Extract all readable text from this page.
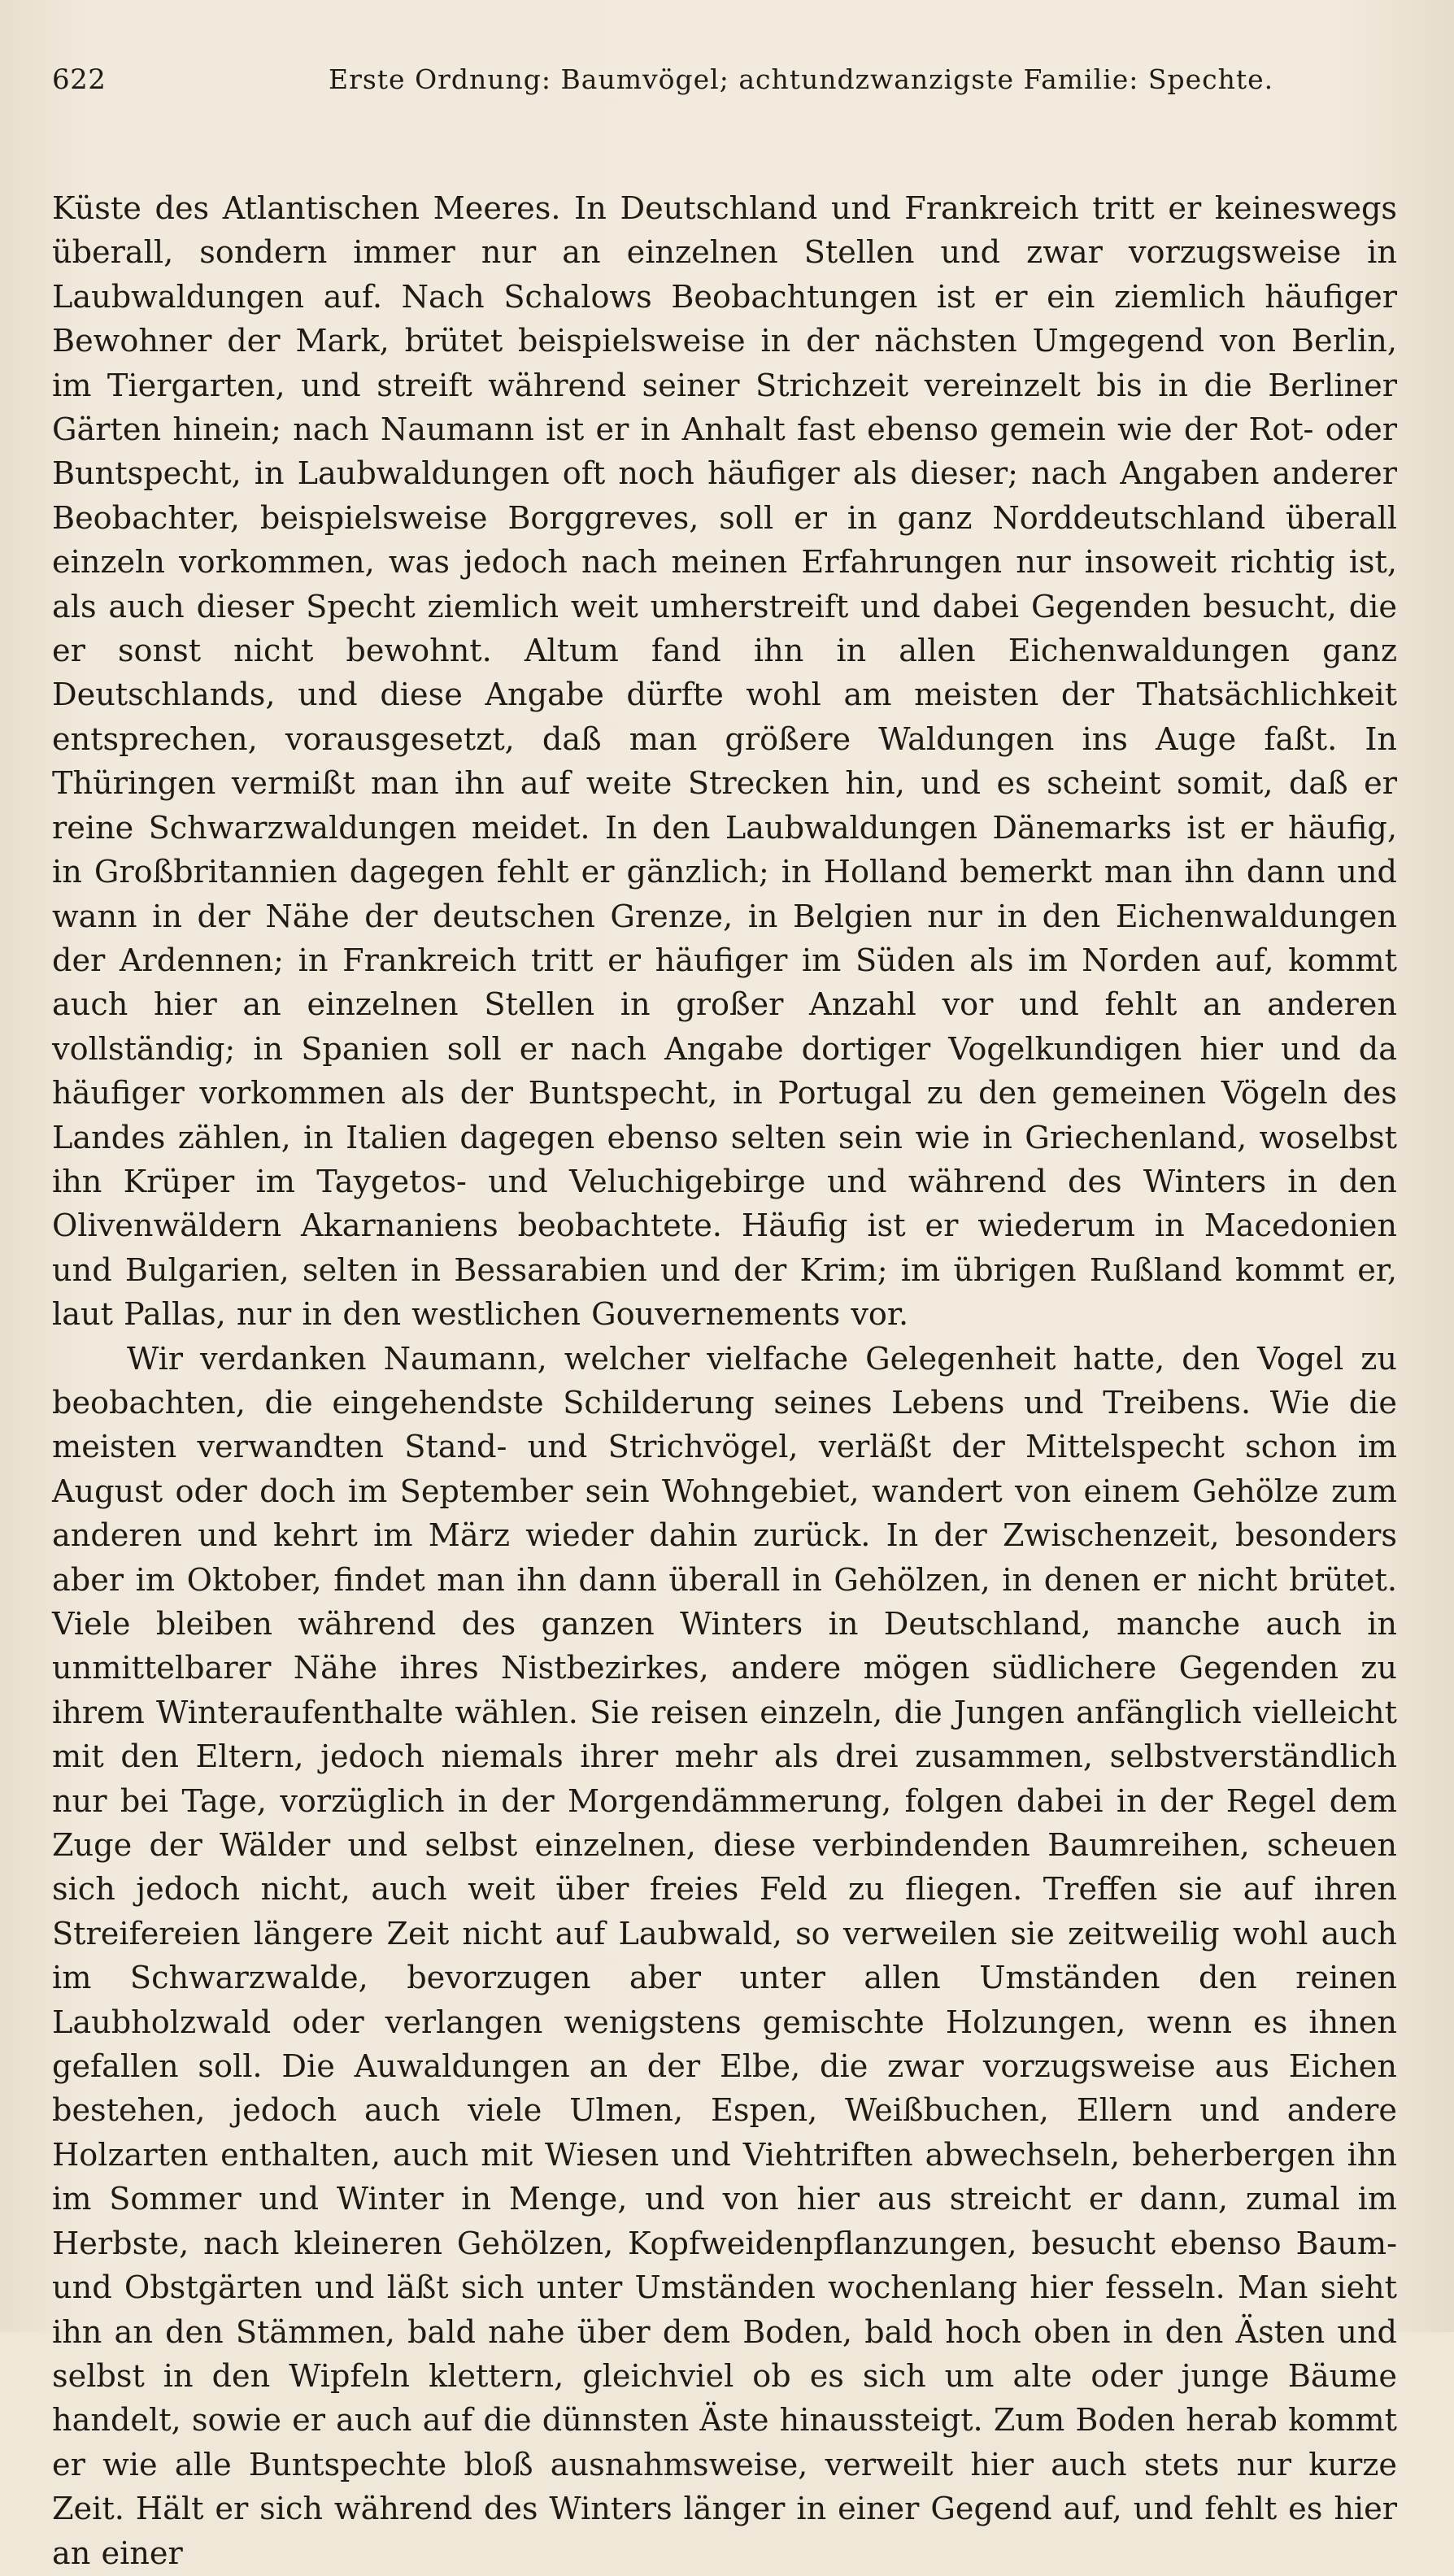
622	Erste Ordnung: Baumvögel; achtundzwanzigste Familie: Spechte.

Küste des Atlantischen Meeres. In Deutschland und Frankreich tritt er keineswegs überall, sondern immer nur an einzelnen Stellen und zwar vorzugsweise in Laubwaldungen auf. Nach Schalows Beobachtungen ist er ein ziemlich häufiger Bewohner der Mark, brütet beispielsweise in der nächsten Umgegend von Berlin, im Tiergarten, und streift während seiner Strichzeit vereinzelt bis in die Berliner Gärten hinein; nach Naumann ist er in Anhalt fast ebenso gemein wie der Rot- oder Buntspecht, in Laubwaldungen oft noch häufiger als dieser; nach Angaben anderer Beobachter, beispielsweise Borggreves, soll er in ganz Norddeutschland überall einzeln vorkommen, was jedoch nach meinen Erfahrungen nur insoweit richtig ist, als auch dieser Specht ziemlich weit umherstreift und dabei Gegenden besucht, die er sonst nicht bewohnt. Altum fand ihn in allen Eichenwaldungen ganz Deutschlands, und diese Angabe dürfte wohl am meisten der Thatsächlichkeit entsprechen, vorausgesetzt, daß man größere Waldungen ins Auge faßt. In Thüringen vermißt man ihn auf weite Strecken hin, und es scheint somit, daß er reine Schwarzwaldungen meidet. In den Laubwaldungen Dänemarks ist er häufig, in Großbritannien dagegen fehlt er gänzlich; in Holland bemerkt man ihn dann und wann in der Nähe der deutschen Grenze, in Belgien nur in den Eichenwaldungen der Ardennen; in Frankreich tritt er häufiger im Süden als im Norden auf, kommt auch hier an einzelnen Stellen in großer Anzahl vor und fehlt an anderen vollständig; in Spanien soll er nach Angabe dortiger Vogelkundigen hier und da häufiger vorkommen als der Buntspecht, in Portugal zu den gemeinen Vögeln des Landes zählen, in Italien dagegen ebenso selten sein wie in Griechenland, woselbst ihn Krüper im Taygetos- und Veluchigebirge und während des Winters in den Olivenwäldern Akarnaniens beobachtete. Häufig ist er wiederum in Macedonien und Bulgarien, selten in Bessarabien und der Krim; im übrigen Rußland kommt er, laut Pallas, nur in den westlichen Gouvernements vor.

Wir verdanken Naumann, welcher vielfache Gelegenheit hatte, den Vogel zu beobachten, die eingehendste Schilderung seines Lebens und Treibens. Wie die meisten verwandten Stand- und Strichvögel, verläßt der Mittelspecht schon im August oder doch im September sein Wohngebiet, wandert von einem Gehölze zum anderen und kehrt im März wieder dahin zurück. In der Zwischenzeit, besonders aber im Oktober, findet man ihn dann überall in Gehölzen, in denen er nicht brütet. Viele bleiben während des ganzen Winters in Deutschland, manche auch in unmittelbarer Nähe ihres Nistbezirkes, andere mögen südlichere Gegenden zu ihrem Winteraufenthalte wählen. Sie reisen einzeln, die Jungen anfänglich vielleicht mit den Eltern, jedoch niemals ihrer mehr als drei zusammen, selbstverständlich nur bei Tage, vorzüglich in der Morgendämmerung, folgen dabei in der Regel dem Zuge der Wälder und selbst einzelnen, diese verbindenden Baumreihen, scheuen sich jedoch nicht, auch weit über freies Feld zu fliegen. Treffen sie auf ihren Streifereien längere Zeit nicht auf Laubwald, so verweilen sie zeitweilig wohl auch im Schwarzwalde, bevorzugen aber unter allen Umständen den reinen Laubholzwald oder verlangen wenigstens gemischte Holzungen, wenn es ihnen gefallen soll. Die Auwaldungen an der Elbe, die zwar vorzugsweise aus Eichen bestehen, jedoch auch viele Ulmen, Espen, Weißbuchen, Ellern und andere Holzarten enthalten, auch mit Wiesen und Viehtriften abwechseln, beherbergen ihn im Sommer und Winter in Menge, und von hier aus streicht er dann, zumal im Herbste, nach kleineren Gehölzen, Kopfweidenpflanzungen, besucht ebenso Baum- und Obstgärten und läßt sich unter Umständen wochenlang hier fesseln. Man sieht ihn an den Stämmen, bald nahe über dem Boden, bald hoch oben in den Ästen und selbst in den Wipfeln klettern, gleichviel ob es sich um alte oder junge Bäume handelt, sowie er auch auf die dünnsten Äste hinaussteigt. Zum Boden herab kommt er wie alle Buntspechte bloß ausnahmsweise, verweilt hier auch stets nur kurze Zeit. Hält er sich während des Winters länger in einer Gegend auf, und fehlt es hier an einer
